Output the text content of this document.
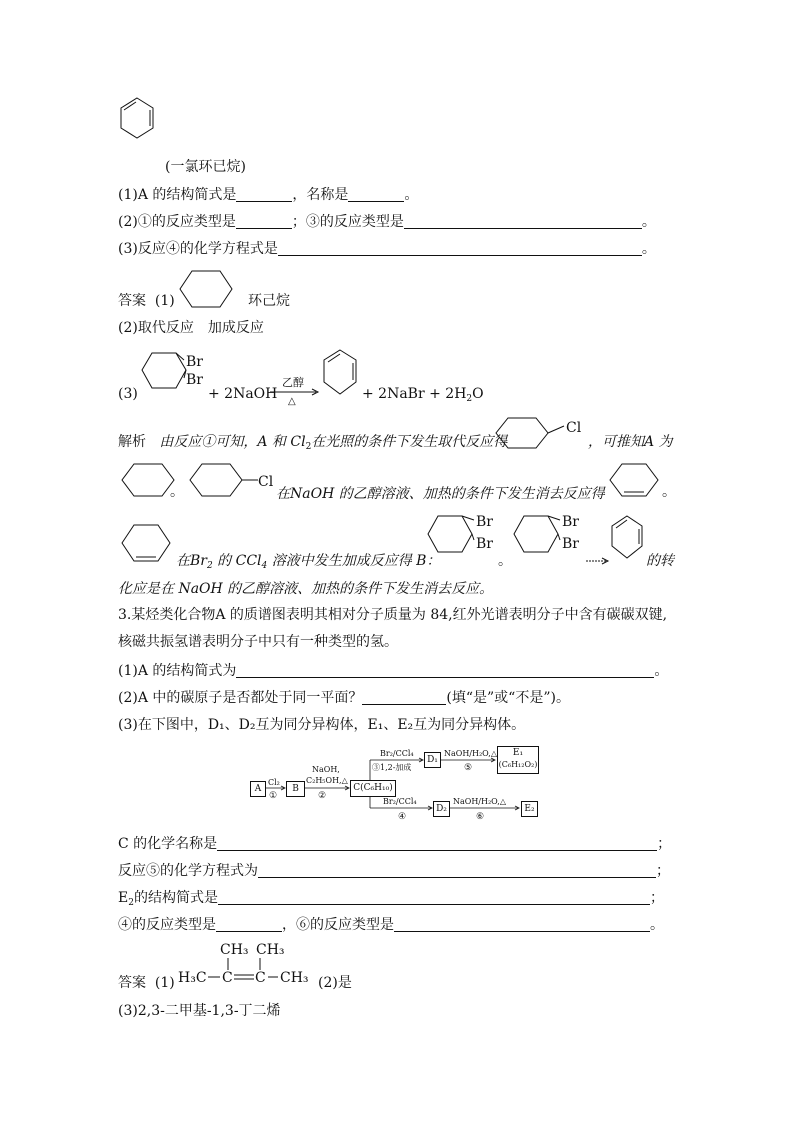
(一氯环已烷)
(1)A 的结构简式是	，名称是	。
(2)①的反应类型是	；③的反应类型是	。
(3)反应④的化学方程式是	。
答案 (1)	环己烷
(2)取代反应　加成反应
(3)
Br
Br
+ 2NaOH
乙醇
△	+ 2NaBr + $2H_2O$
解析 由反应①可知，A 和 $Cl_2$在光照的条件下发生取代反应得
Cl
，可推知A 为
。
Cl
在NaOH 的乙醇溶液、加热的条件下发生消去反应得	。
在$Br_2$ 的 CCl$_4$ 溶液中发生加成反应得 B：
Br
Br
。
Br
Br
的转
化应是在 NaOH 的乙醇溶液、加热的条件下发生消去反应。
3.某烃类化合物A 的质谱图表明其相对分子质量为 84,红外光谱表明分子中含有碳碳双键,
核磁共振氢谱表明分子中只有一种类型的氢。
(1)A 的结构简式为	。
(2)A 中的碳原子是否都处于同一平面？	(填“是”或“不是”)。
(3)在下图中，D₁、D₂互为同分异构体，E₁、E₂互为同分异构体。
Cl₂
①
NaOH,
C₂H₅OH,△
②
Br₂/CCl₄
③1,2-加成
Br₂/CCl₄
④
NaOH/H₂O,△
⑤
NaOH/H₂O,△
⑥
A	B	C(C₆H₁₀)
D₁
D₂
E₁
(C₆H₁₂O₂)
E₂
C 的化学名称是	；
反应⑤的化学方程式为	；
$E_2$的结构简式是	；
④的反应类型是	，⑥的反应类型是	。
答案 (1)
CH₃ CH₃
H₃C C C CH₃ (2)是
(3)2,3-二甲基-1,3-丁二烯
